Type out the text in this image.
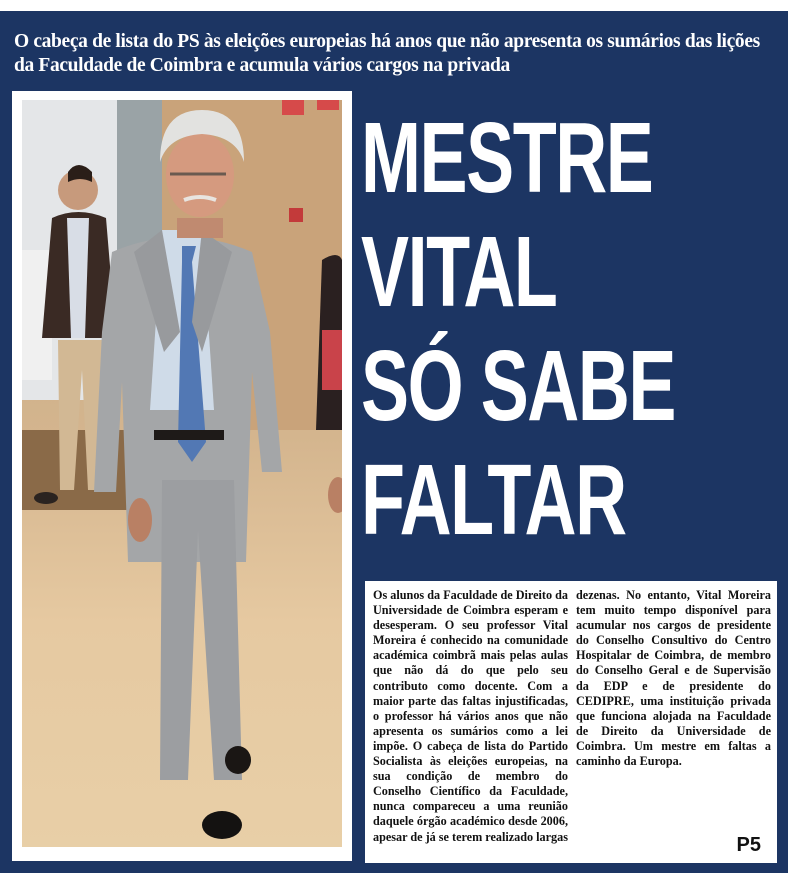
O cabeça de lista do PS às eleições europeias há anos que não apresenta os sumários das lições da Faculdade de Coimbra e acumula vários cargos na privada
MESTRE
VITAL
SÓ SABE
FALTAR

Os alunos da Faculdade de Direito da Universidade de Coimbra esperam e desesperam. O seu professor Vital Moreira é conhecido na comunidade académica coimbrã mais pelas aulas que não dá do que pelo seu contributo como docente. Com a maior parte das faltas injustificadas, o professor há vários anos que não apresenta os sumários como a lei impõe. O cabeça de lista do Partido Socialista às eleições europeias, na sua condição de membro do Conselho Científico da Faculdade, nunca compareceu a uma reunião daquele órgão académico desde 2006, apesar de já se terem realizado largas dezenas. No entanto, Vital Moreira tem muito tempo disponível para acumular nos cargos de presidente do Conselho Consultivo do Centro Hospitalar de Coimbra, de membro do Conselho Geral e de Supervisão da EDP e de presidente do CEDIPRE, uma instituição privada que funciona alojada na Faculdade de Direito da Universidade de Coimbra. Um mestre em faltas a caminho da Europa.

P5
